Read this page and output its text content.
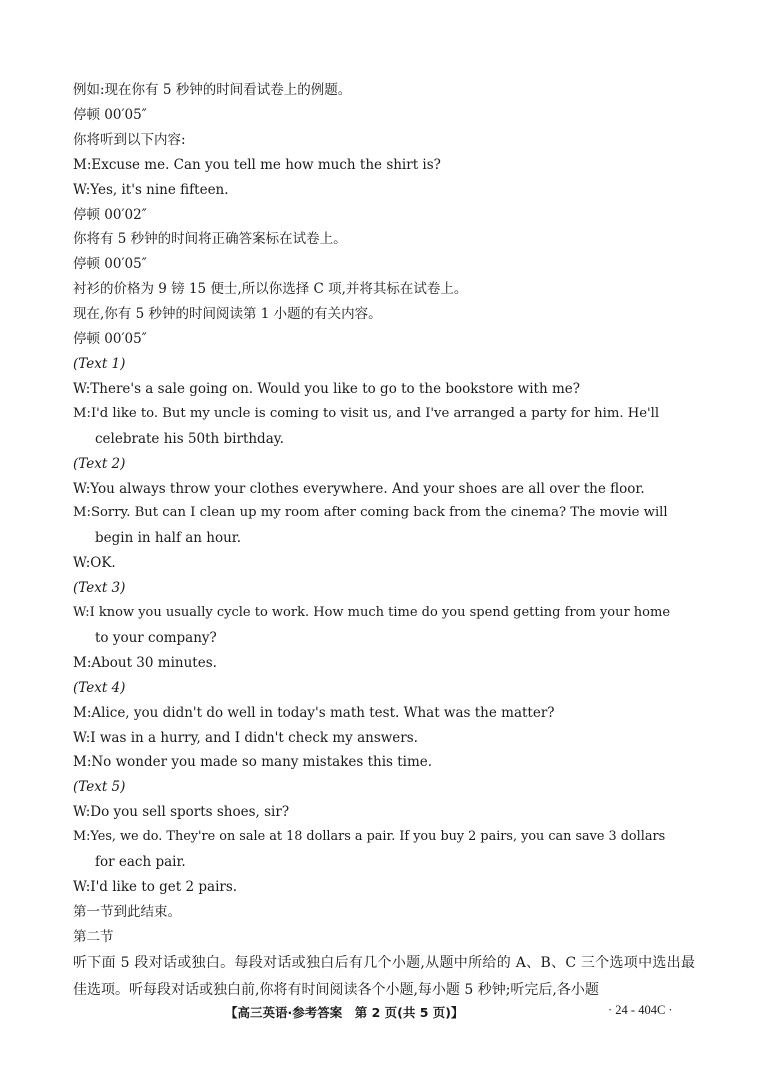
例如:现在你有 5 秒钟的时间看试卷上的例题。
停顿 00′05″
你将听到以下内容:
M:Excuse me. Can you tell me how much the shirt is?
W:Yes, it's nine fifteen.
停顿 00′02″
你将有 5 秒钟的时间将正确答案标在试卷上。
停顿 00′05″
衬衫的价格为 9 镑 15 便士,所以你选择 C 项,并将其标在试卷上。
现在,你有 5 秒钟的时间阅读第 1 小题的有关内容。
停顿 00′05″
(Text 1)
W:There's a sale going on. Would you like to go to the bookstore with me?
M:I'd like to. But my uncle is coming to visit us, and I've arranged a party for him. He'll
celebrate his 50th birthday.
(Text 2)
W:You always throw your clothes everywhere. And your shoes are all over the floor.
M:Sorry. But can I clean up my room after coming back from the cinema? The movie will
begin in half an hour.
W:OK.
(Text 3)
W:I know you usually cycle to work. How much time do you spend getting from your home
to your company?
M:About 30 minutes.
(Text 4)
M:Alice, you didn't do well in today's math test. What was the matter?
W:I was in a hurry, and I didn't check my answers.
M:No wonder you made so many mistakes this time.
(Text 5)
W:Do you sell sports shoes, sir?
M:Yes, we do. They're on sale at 18 dollars a pair. If you buy 2 pairs, you can save 3 dollars
for each pair.
W:I'd like to get 2 pairs.
第一节到此结束。
第二节
听下面 5 段对话或独白。每段对话或独白后有几个小题,从题中所给的 A、B、C 三个选项中选出最佳选项。听每段对话或独白前,你将有时间阅读各个小题,每小题 5 秒钟;听完后,各小题
【高三英语·参考答案　第 2 页(共 5 页)】	· 24 - 404C ·
